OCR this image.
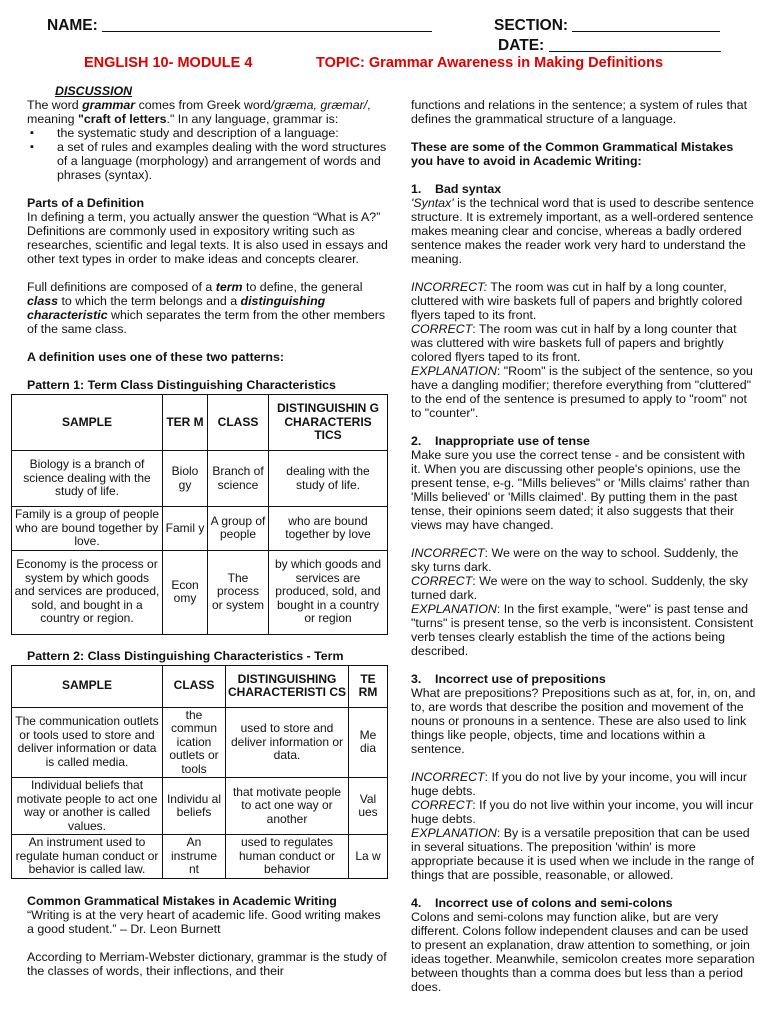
NAME:	SECTION:
DATE:
ENGLISH 10- MODULE 4	TOPIC: Grammar Awareness in Making Definitions

DISCUSSION

The word grammar comes from Greek word/græma, græmar/, meaning "craft of letters." In any language, grammar is:

▪ the systematic study and description of a language:
▪ a set of rules and examples dealing with the word structures of a language (morphology) and arrangement of words and phrases (syntax).

Parts of a Definition

In defining a term, you actually answer the question “What is A?” Definitions are commonly used in expository writing such as researches, scientific and legal texts. It is also used in essays and other text types in order to make ideas and concepts clearer.

Full definitions are composed of a term to define, the general class to which the term belongs and a distinguishing characteristic which separates the term from the other members of the same class.

A definition uses one of these two patterns:

Pattern 1: Term Class Distinguishing Characteristics

SAMPLE	TER M	CLASS	DISTINGUISHIN G CHARACTERIS TICS
Biology is a branch of science dealing with the study of life.	Biolo gy	Branch of science	dealing with the study of life.
Family is a group of people who are bound together by love.	Famil y	A group of people	who are bound together by love
Economy is the process or system by which goods and services are produced, sold, and bought in a country or region.	Econ omy	The process or system	by which goods and services are produced, sold, and bought in a country or region

Pattern 2: Class Distinguishing Characteristics - Term

SAMPLE	CLASS	DISTINGUISHING CHARACTERISTI CS	TE RM
The communication outlets or tools used to store and deliver information or data is called media.	the commun ication outlets or tools	used to store and deliver information or data.	Me dia
Individual beliefs that motivate people to act one way or another is called values.	Individu al beliefs	that motivate people to act one way or another	Val ues
An instrument used to regulate human conduct or behavior is called law.	An instrume nt	used to regulates human conduct or behavior	La w

Common Grammatical Mistakes in Academic Writing

“Writing is at the very heart of academic life. Good writing makes a good student.” – Dr. Leon Burnett

According to Merriam-Webster dictionary, grammar is the study of the classes of words, their inflections, and their

functions and relations in the sentence; a system of rules that defines the grammatical structure of a language.

These are some of the Common Grammatical Mistakes you have to avoid in Academic Writing:

1. Bad syntax

'Syntax' is the technical word that is used to describe sentence structure. It is extremely important, as a well-ordered sentence makes meaning clear and concise, whereas a badly ordered sentence makes the reader work very hard to understand the meaning.

INCORRECT: The room was cut in half by a long counter, cluttered with wire baskets full of papers and brightly colored flyers taped to its front.

CORRECT: The room was cut in half by a long counter that was cluttered with wire baskets full of papers and brightly colored flyers taped to its front.

EXPLANATION: "Room" is the subject of the sentence, so you have a dangling modifier; therefore everything from "cluttered" to the end of the sentence is presumed to apply to "room" not to "counter".

2. Inappropriate use of tense

Make sure you use the correct tense - and be consistent with it. When you are discussing other people's opinions, use the present tense, e-g. "Mills believes" or 'Mills claims' rather than 'Mills believed' or 'Mills claimed'. By putting them in the past tense, their opinions seem dated; it also suggests that their views may have changed.

INCORRECT: We were on the way to school. Suddenly, the sky turns dark.

CORRECT: We were on the way to school. Suddenly, the sky turned dark.

EXPLANATION: In the first example, "were" is past tense and "turns" is present tense, so the verb is inconsistent. Consistent verb tenses clearly establish the time of the actions being described.

3. Incorrect use of prepositions

What are prepositions? Prepositions such as at, for, in, on, and to, are words that describe the position and movement of the nouns or pronouns in a sentence. These are also used to link things like people, objects, time and locations within a sentence.

INCORRECT: If you do not live by your income, you will incur huge debts.

CORRECT: If you do not live within your income, you will incur huge debts.

EXPLANATION: By is a versatile preposition that can be used in several situations. The preposition 'within' is more appropriate because it is used when we include in the range of things that are possible, reasonable, or allowed.

4. Incorrect use of colons and semi-colons

Colons and semi-colons may function alike, but are very different. Colons follow independent clauses and can be used to present an explanation, draw attention to something, or join ideas together. Meanwhile, semicolon creates more separation between thoughts than a comma does but less than a period does.
